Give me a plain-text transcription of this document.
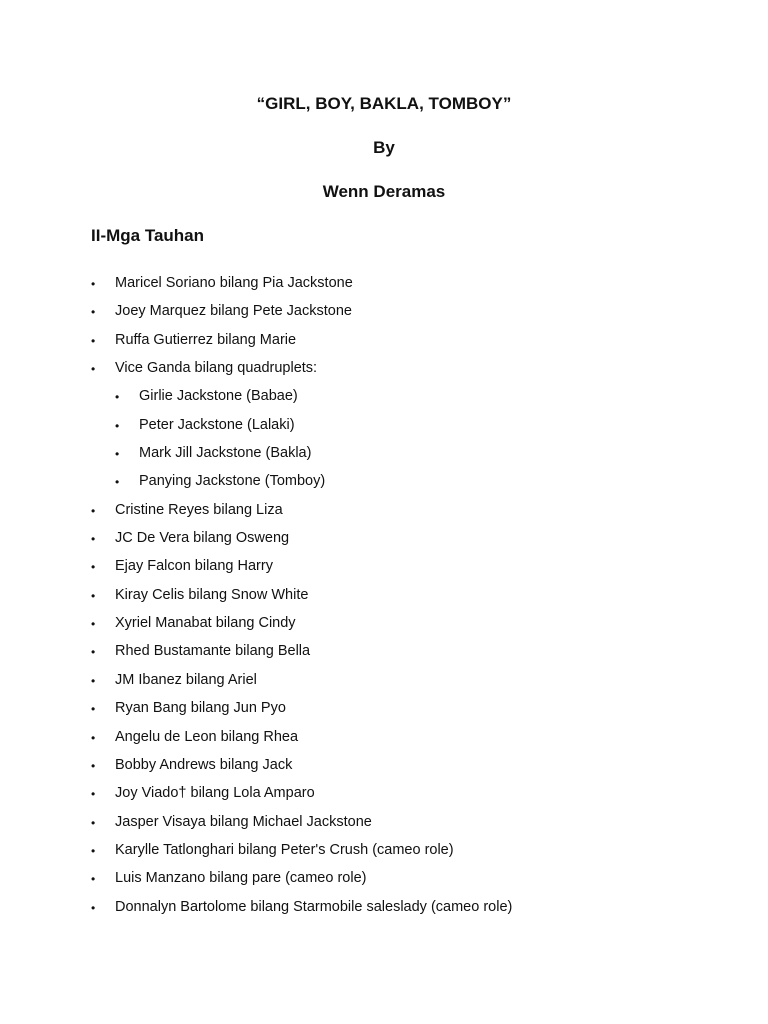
“GIRL, BOY, BAKLA, TOMBOY”
By
Wenn Deramas
II-Mga Tauhan
• Maricel Soriano bilang Pia Jackstone
• Joey Marquez bilang Pete Jackstone
• Ruffa Gutierrez bilang Marie
• Vice Ganda bilang quadruplets:
• Girlie Jackstone (Babae)
• Peter Jackstone (Lalaki)
• Mark Jill Jackstone (Bakla)
• Panying Jackstone (Tomboy)
• Cristine Reyes bilang Liza
• JC De Vera bilang Osweng
• Ejay Falcon bilang Harry
• Kiray Celis bilang Snow White
• Xyriel Manabat bilang Cindy
• Rhed Bustamante bilang Bella
• JM Ibanez bilang Ariel
• Ryan Bang bilang Jun Pyo
• Angelu de Leon bilang Rhea
• Bobby Andrews bilang Jack
• Joy Viado† bilang Lola Amparo
• Jasper Visaya bilang Michael Jackstone
• Karylle Tatlonghari bilang Peter's Crush (cameo role)
• Luis Manzano bilang pare (cameo role)
• Donnalyn Bartolome bilang Starmobile saleslady (cameo role)
